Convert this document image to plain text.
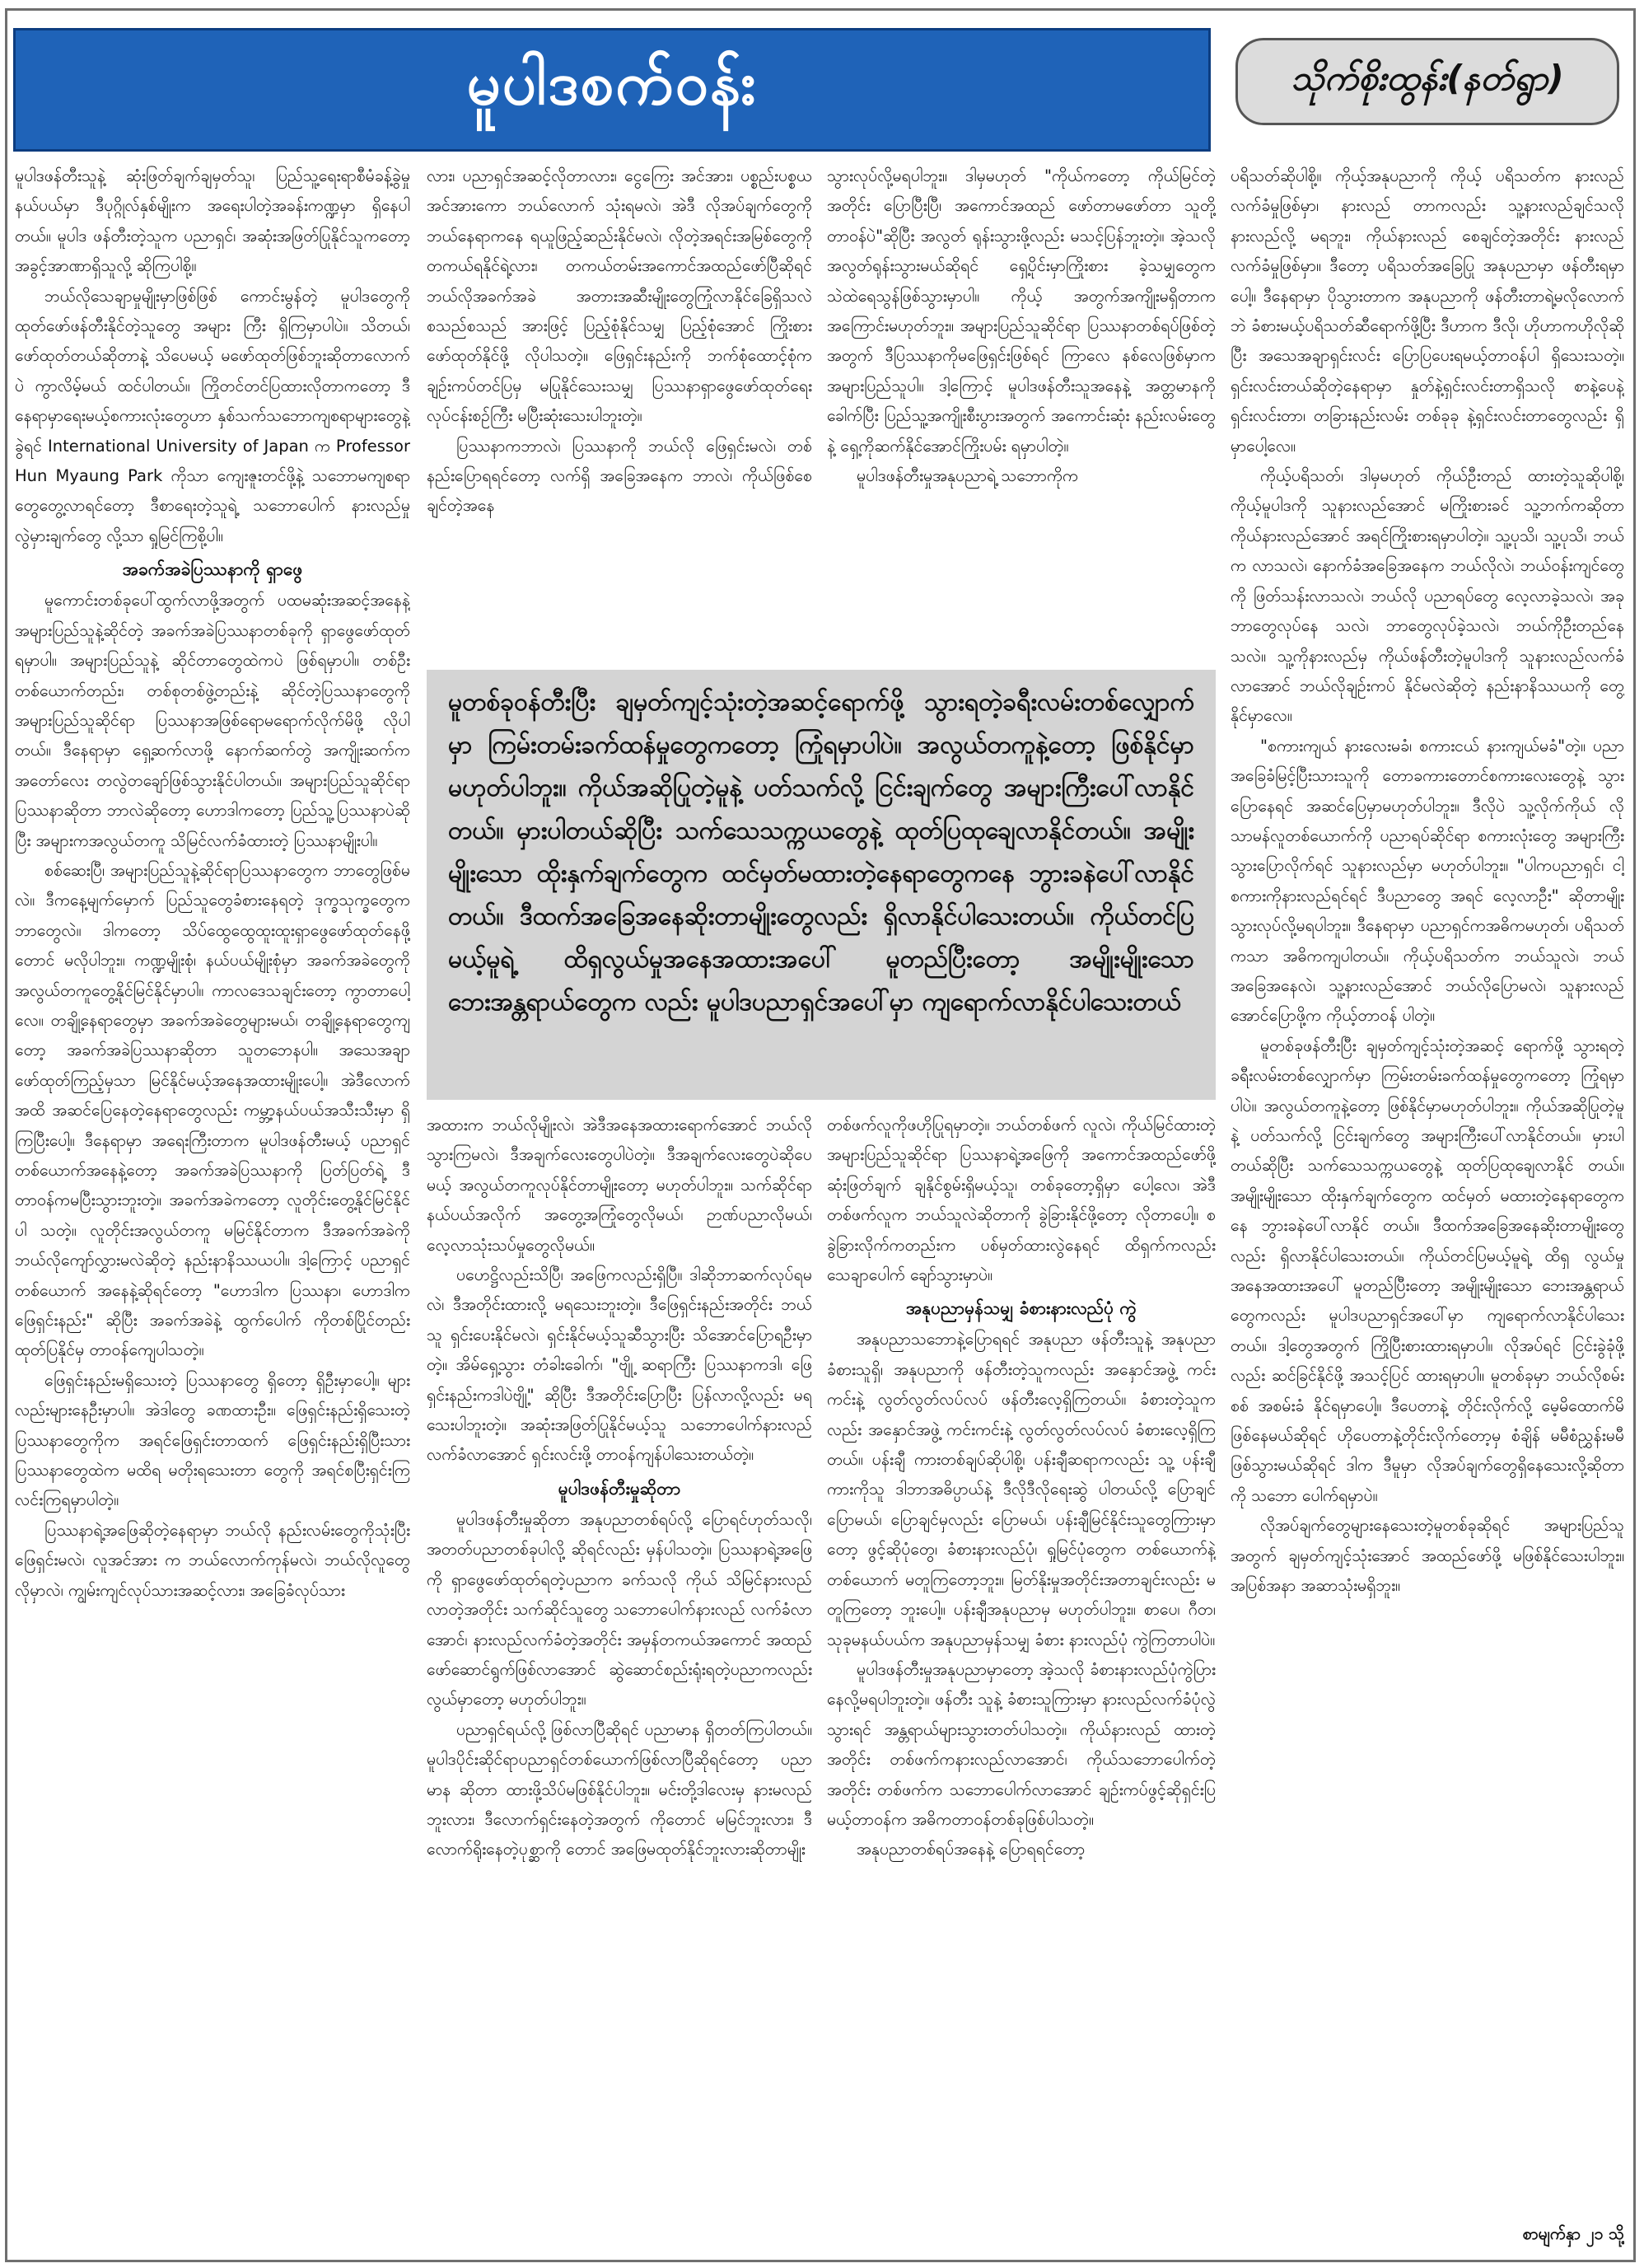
မူပါဒစက်ဝန်း	သိုက်စိုးထွန်း(နတ်ရွာ)

မူပါဒဖန်တီးသူနဲ့ ဆုံးဖြတ်ချက်ချမှတ်သူ၊ ပြည်သူ့ရေးရာစီမံခန့်ခွဲမှုနယ်ပယ်မှာ ဒီပုဂ္ဂိုလ်နှစ်မျိုးက အရေးပါတဲ့အခန်းကဏ္ဍမှာ ရှိနေပါတယ်။ မူပါဒ ဖန်တီးတဲ့သူက ပညာရှင်၊ အဆုံးအဖြတ်ပြုနိုင်သူကတော့ အခွင့်အာဏာရှိသူလို့ ဆိုကြပါစို့။

ဘယ်လိုသေချာမှုမျိုးမှာဖြစ်ဖြစ် ကောင်းမွန်တဲ့ မူပါဒတွေကို ထုတ်ဖော်ဖန်တီးနိုင်တဲ့သူတွေ အများ ကြီး ရှိကြမှာပါပဲ။ သိတယ်၊ ဖော်ထုတ်တယ်ဆိုတာနဲ့ သိပေမယ့် မဖော်ထုတ်ဖြစ်ဘူးဆိုတာလောက်ပဲ ကွာလိမ့်မယ် ထင်ပါတယ်။ ကြိုတင်တင်ပြထားလိုတာကတော့ ဒီနေရာမှာရေးမယ့်စကားလုံးတွေဟာ နှစ်သက်သဘောကျစရာများတွေနဲ့ခွဲရင် International University of Japan က Professor Hun Myaung Park ကိုသာ ကျေးဇူးတင်ဖို့နဲ့ သဘောမကျစရာတွေတွေ့လာရင်တော့ ဒီစာရေးတဲ့သူရဲ့ သဘောပေါက် နားလည်မှုလွဲမှားချက်တွေ လို့သာ ရှုမြင်ကြစို့ပါ။

အခက်အခဲပြဿနာကို ရှာဖွေ

မူကောင်းတစ်ခုပေါ်ထွက်လာဖို့အတွက် ပထမဆုံးအဆင့်အနေနဲ့ အများပြည်သူနဲ့ဆိုင်တဲ့ အခက်အခဲပြဿနာတစ်ခုကို ရှာဖွေဖော်ထုတ်ရမှာပါ။ အများပြည်သူနဲ့ ဆိုင်တာတွေထဲကပဲ ဖြစ်ရမှာပါ။ တစ်ဦးတစ်ယောက်တည်း၊ တစ်စုတစ်ဖွဲ့တည်းနဲ့ ဆိုင်တဲ့ပြဿနာတွေကို အများပြည်သူဆိုင်ရာ ပြဿနာအဖြစ်ရောမရောက်လိုက်မိဖို့ လိုပါတယ်။ ဒီနေရာမှာ ရှေ့ဆက်လာဖို့ နောက်ဆက်တွဲ အကျိုးဆက်က အတော်လေး တလွဲတချော်ဖြစ်သွားနိုင်ပါတယ်။ အများပြည်သူဆိုင်ရာပြဿနာဆိုတာ ဘာလဲဆိုတော့ ဟောဒါကတော့ ပြည်သူ့ပြဿနာပဲဆိုပြီး အများကအလွယ်တကူ သိမြင်လက်ခံထားတဲ့ ပြဿနာမျိုးပါ။

စစ်ဆေးပြီ၊ အများပြည်သူနဲ့ဆိုင်ရာပြဿနာတွေက ဘာတွေဖြစ်မလဲ။ ဒီကနေ့မျက်မှောက် ပြည်သူတွေခံစားနေရတဲ့ ဒုက္ခသုက္ခတွေက ဘာတွေလဲ။ ဒါကတော့ သိပ်ထွေထွေထူးထူးရှာဖွေဖော်ထုတ်နေဖို့တောင် မလိုပါဘူး။ ကဏ္ဍမျိုးစုံ၊ နယ်ပယ်မျိုးစုံမှာ အခက်အခဲတွေကို အလွယ်တကူတွေ့နိုင်မြင်နိုင်မှာပါ။ ကာလဒေသချင်းတော့ ကွာတာပေါ့လေ။ တချို့နေရာတွေမှာ အခက်အခဲတွေများမယ်၊ တချို့နေရာတွေကျတော့ အခက်အခဲပြဿနာဆိုတာ သူတဘေနပါ။ အသေအချာ ဖော်ထုတ်ကြည့်မှသာ မြင်နိုင်မယ့်အနေအထားမျိုးပေါ့။ အဲဒီလောက်အထိ အဆင်ပြေနေတဲ့နေရာတွေလည်း ကမ္ဘာ့နယ်ပယ်အသီးသီးမှာ ရှိကြပြီးပေါ့။ ဒီနေရာမှာ အရေးကြီးတာက မူပါဒဖန်တီးမယ့် ပညာရှင်တစ်ယောက်အနေနဲ့တော့ အခက်အခဲပြဿနာကို ပြတ်ပြတ်ရဲ့ ဒီတာဝန်ကမပြီးသွားဘူးတဲ့။ အခက်အခဲကတော့ လူတိုင်းတွေ့နိုင်မြင်နိုင်ပါ သတဲ့။ လူတိုင်းအလွယ်တကူ မမြင်နိုင်တာက ဒီအခက်အခဲကို ဘယ်လိုကျော်လွှားမလဲဆိုတဲ့ နည်းနာနိဿယပါ။ ဒါ့ကြောင့် ပညာရှင်တစ်ယောက် အနေနဲ့ဆိုရင်တော့ "ဟောဒါက ပြဿနာ၊ ဟောဒါက ဖြေရှင်းနည်း" ဆိုပြီး အခက်အခဲနဲ့ ထွက်ပေါက် ကိုတစ်ပြိုင်တည်းထုတ်ပြနိုင်မှ တာဝန်ကျေပါသတဲ့။

ဖြေရှင်းနည်းမရှိသေးတဲ့ ပြဿနာတွေ ရှိတော့ ရှိဦးမှာပေါ့။ များလည်းများနေဦးမှာပါ။ အဲဒါတွေ ခဏထားဦး။ ဖြေရှင်းနည်းရှိသေးတဲ့ ပြဿနာတွေကိုက အရင်ဖြေရှင်းတာထက် ဖြေရှင်းနည်းရှိပြီးသားပြဿနာတွေထဲက မထိရ မတိုးရသေးတာ တွေကို အရင်စပြီးရှင်းကြလင်းကြရမှာပါတဲ့။

ပြဿနာရဲ့အဖြေဆိုတဲ့နေရာမှာ ဘယ်လို နည်းလမ်းတွေကိုသုံးပြီး ဖြေရှင်းမလဲ၊ လူအင်အား က ဘယ်လောက်ကုန်မလဲ၊ ဘယ်လိုလူတွေလိုမှာလဲ၊ ကျွမ်းကျင်လုပ်သားအဆင့်လား၊ အခြေခံလုပ်သား

လား၊ ပညာရှင်အဆင့်လိုတာလား၊ ငွေကြေး အင်အား၊ ပစ္စည်းပစ္စယအင်အားကော ဘယ်လောက် သုံးရမလဲ၊ အဲဒီ လိုအပ်ချက်တွေကို ဘယ်နေရာကနေ ရယူဖြည့်ဆည်းနိုင်မလဲ၊ လိုတဲ့အရင်းအမြစ်တွေကို တကယ်ရနိုင်ရဲ့လား၊ တကယ်တမ်းအကောင်အထည်ဖော်ပြီဆိုရင် ဘယ်လိုအခက်အခဲ အတားအဆီးမျိုးတွေကြုံလာနိုင်ခြေရှိသလဲ စသည်စသည် အားဖြင့် ပြည့်စုံနိုင်သမျှ ပြည့်စုံအောင် ကြိုးစားဖော်ထုတ်နိုင်ဖို့ လိုပါသတဲ့။ ဖြေရှင်းနည်းကို ဘက်စုံထောင့်စုံက ချဉ်းကပ်တင်ပြမှ မပြုနိုင်သေးသမျှ ပြဿနာရှာဖွေဖော်ထုတ်ရေးလုပ်ငန်းစဉ်ကြီး မပြီးဆုံးသေးပါဘူးတဲ့။

ပြဿနာကဘာလဲ၊ ပြဿနာကို ဘယ်လို ဖြေရှင်းမလဲ၊ တစ်နည်းပြောရရင်တော့ လက်ရှိ အခြေအနေက ဘာလဲ၊ ကိုယ်ဖြစ်စေချင်တဲ့အနေ

သွားလုပ်လို့မရပါဘူး။ ဒါမှမဟုတ် "ကိုယ်ကတော့ ကိုယ်မြင်တဲ့အတိုင်း ပြောပြီးပြီ၊ အကောင်အထည် ဖော်တာမဖော်တာ သူတို့တာဝန်ပဲ"ဆိုပြီး အလွတ် ရုန်းသွားဖို့လည်း မသင့်ပြန်ဘူးတဲ့။ အဲ့သလို အလွတ်ရုန်းသွားမယ်ဆိုရင် ရှေ့ပိုင်းမှာကြိုးစား ခဲ့သမျှတွေက သဲထဲရေသွန်ဖြစ်သွားမှာပါ။ ကိုယ့် အတွက်အကျိုးမရှိတာက အကြောင်းမဟုတ်ဘူး။ အများပြည်သူဆိုင်ရာ ပြဿနာတစ်ရပ်ဖြစ်တဲ့ အတွက် ဒီပြဿနာကိုမဖြေရှင်းဖြစ်ရင် ကြာလေ နစ်လေဖြစ်မှာက အများပြည်သူပါ။ ဒါ့ကြောင့် မူပါဒဖန်တီးသူအနေနဲ့ အတ္တမာနကို ခေါက်ပြီး ပြည်သူ့အကျိုးစီးပွားအတွက် အကောင်းဆုံး နည်းလမ်းတွေနဲ့ ရှေ့ကိုဆက်နိုင်အောင်ကြိုးပမ်း ရမှာပါတဲ့။

မူပါဒဖန်တီးမှုအနုပညာရဲ့ သဘောကိုက

မူတစ်ခုဝန်တီးပြီး ချမှတ်ကျင့်သုံးတဲ့အဆင့်ရောက်ဖို့ သွားရတဲ့ခရီးလမ်းတစ်လျှောက်မှာ ကြမ်းတမ်းခက်ထန်မှုတွေကတော့ ကြုံရမှာပါပဲ။ အလွယ်တကူနဲ့တော့ ဖြစ်နိုင်မှာမဟုတ်ပါဘူး။ ကိုယ်အဆိုပြုတဲ့မူနဲ့ ပတ်သက်လို့ ငြင်းချက်တွေ အများကြီးပေါ်လာနိုင်တယ်။ မှားပါတယ်ဆိုပြီး သက်သေသက္ကယတွေနဲ့ ထုတ်ပြထုချေလာနိုင်တယ်။ အမျိုးမျိုးသော ထိုးနှက်ချက်တွေက ထင်မှတ်မထားတဲ့နေရာတွေကနေ ဘွားခနဲပေါ်လာနိုင်တယ်။ ဒီထက်အခြေအနေဆိုးတာမျိုးတွေလည်း ရှိလာနိုင်ပါသေးတယ်။ ကိုယ်တင်ပြမယ့်မူရဲ့ ထိရှလွယ်မှုအနေအထားအပေါ် မူတည်ပြီးတော့ အမျိုးမျိုးသော ဘေးအန္တရာယ်တွေက လည်း မူပါဒပညာရှင်အပေါ်မှာ ကျရောက်လာနိုင်ပါသေးတယ်

အထားက ဘယ်လိုမျိုးလဲ၊ အဲဒီအနေအထားရောက်အောင် ဘယ်လိုသွားကြမလဲ၊ ဒီအချက်လေးတွေပါပဲတဲ့။ ဒီအချက်လေးတွေပဲဆိုပေမယ့် အလွယ်တကူလုပ်နိုင်တာမျိုးတော့ မဟုတ်ပါဘူး။ သက်ဆိုင်ရာနယ်ပယ်အလိုက် အတွေ့အကြုံတွေလိုမယ်၊ ဉာဏ်ပညာလိုမယ်၊ လေ့လာသုံးသပ်မှုတွေလိုမယ်။

ပဟေဋ္ဌိလည်းသိပြီ၊ အဖြေကလည်းရှိပြီ။ ဒါဆိုဘာဆက်လုပ်ရမလဲ၊ ဒီအတိုင်းထားလို့ မရသေးဘူးတဲ့။ ဒီဖြေရှင်းနည်းအတိုင်း ဘယ်သူ ရှင်းပေးနိုင်မလဲ၊ ရှင်းနိုင်မယ့်သူဆီသွားပြီး သိအောင်ပြောရဦးမှာတဲ့။ အိမ်ရှေ့သွား တံခါးခေါက်၊ "ဗျို့ ဆရာကြီး ပြဿနာကဒါ၊ ဖြေရှင်းနည်းကဒါပဲဗျို့" ဆိုပြီး ဒီအတိုင်းပြောပြီး ပြန်လာလို့လည်း မရသေးပါဘူးတဲ့။ အဆုံးအဖြတ်ပြုနိုင်မယ့်သူ သဘောပေါက်နားလည် လက်ခံလာအောင် ရှင်းလင်းဖို့ တာဝန်ကျန်ပါသေးတယ်တဲ့။

မူပါဒဖန်တီးမှုဆိုတာ

မူပါဒဖန်တီးမှုဆိုတာ အနုပညာတစ်ရပ်လို့ ပြောရင်ဟုတ်သလို၊ အတတ်ပညာတစ်ခုပါလို့ ဆိုရင်လည်း မှန်ပါသတဲ့။ ပြဿနာရဲ့အဖြေကို ရှာဖွေဖော်ထုတ်ရတဲ့ပညာက ခက်သလို ကိုယ် သိမြင်နားလည်လာတဲ့အတိုင်း သက်ဆိုင်သူတွေ သဘောပေါက်နားလည် လက်ခံလာအောင်၊ နားလည်လက်ခံတဲ့အတိုင်း အမှန်တကယ်အကောင် အထည်ဖော်ဆောင်ရွက်ဖြစ်လာအောင် ဆွဲဆောင်စည်းရုံးရတဲ့ပညာကလည်း လွယ်မှာတော့ မဟုတ်ပါဘူး။

ပညာရှင်ရယ်လို့ ဖြစ်လာပြီဆိုရင် ပညာမာန ရှိတတ်ကြပါတယ်။ မူပါဒပိုင်းဆိုင်ရာပညာရှင်တစ်ယောက်ဖြစ်လာပြီဆိုရင်တော့ ပညာမာန ဆိုတာ ထားဖို့သိပ်မဖြစ်နိုင်ပါဘူး။ မင်းတို့ဒါလေးမှ နားမလည်ဘူးလား၊ ဒီလောက်ရှင်းနေတဲ့အတွက် ကိုတောင် မမြင်ဘူးလား၊ ဒီလောက်ရိုးနေတဲ့ပုစ္ဆာကို တောင် အဖြေမထုတ်နိုင်ဘူးလားဆိုတာမျိုး

တစ်ဖက်လူကိုဖဟိုပြုရမှာတဲ့။ ဘယ်တစ်ဖက် လူလဲ၊ ကိုယ်မြင်ထားတဲ့ အများပြည်သူဆိုင်ရာ ပြဿနာရဲ့အဖြေကို အကောင်အထည်ဖော်ဖို့ ဆုံးဖြတ်ချက် ချနိုင်စွမ်းရှိမယ့်သူ၊ တစ်ခုတော့ရှိမှာ ပေါ့လေ၊ အဲဒီတစ်ဖက်လူက ဘယ်သူလဲဆိုတာကို ခွဲခြားနိုင်ဖို့တော့ လိုတာပေါ့။ စခွဲခြားလိုက်ကတည်းက ပစ်မှတ်ထားလွဲနေရင် ထိရှက်ကလည်း သေချာပေါက် ချော်သွားမှာပဲ။

အနုပညာမှန်သမျှ ခံစားနားလည်ပုံ ကွဲ

အနုပညာသဘောနဲ့ပြောရရင် အနုပညာ ဖန်တီးသူနဲ့ အနုပညာခံစားသူရှိ၊ အနုပညာကို ဖန်တီးတဲ့သူကလည်း အနှောင်အဖွဲ့ ကင်းကင်းနဲ့ လွတ်လွတ်လပ်လပ် ဖန်တီးလေ့ရှိကြတယ်။ ခံစားတဲ့သူကလည်း အနှောင်အဖွဲ့ ကင်းကင်းနဲ့ လွတ်လွတ်လပ်လပ် ခံစားလေ့ရှိကြတယ်။ ပန်းချီ ကားတစ်ချပ်ဆိုပါစို့၊ ပန်းချီဆရာကလည်း သူ့ ပန်းချီကားကိုသူ ဒါဘာအဓိပ္ပာယ်နဲ့ ဒီလိုဒီလိုရေးဆွဲ ပါတယ်လို့ ပြောချင်ပြောမယ်၊ ပြောချင်မှလည်း ပြောမယ်၊ ပန်းချီမြင်နိုင်းသူတွေကြားမှာတော့ ဖွင့်ဆိုပုံတွေ၊ ခံစားနားလည်ပုံ၊ ရှုမြင်ပုံတွေက တစ်ယောက်နဲ့တစ်ယောက် မတူကြတော့ဘူး။ မြတ်နိုးမှုအတိုင်းအတာချင်းလည်း မတူကြတော့ ဘူးပေါ့။ ပန်းချီအနုပညာမှ မဟုတ်ပါဘူး။ စာပေ၊ ဂီတ၊ သုခုမနယ်ပယ်က အနုပညာမှန်သမျှ ခံစား နားလည်ပုံ ကွဲကြတာပါပဲ။

မူပါဒဖန်တီးမှုအနုပညာမှာတော့ အဲ့သလို ခံစားနားလည်ပုံကွဲပြားနေလို့မရပါဘူးတဲ့။ ဖန်တီး သူနဲ့ ခံစားသူကြားမှာ နားလည်လက်ခံပုံလွဲသွားရင် အန္တရာယ်များသွားတတ်ပါသတဲ့။ ကိုယ်နားလည် ထားတဲ့အတိုင်း တစ်ဖက်ကနားလည်လာအောင်၊ ကိုယ်သဘောပေါက်တဲ့အတိုင်း တစ်ဖက်က သဘောပေါက်လာအောင် ချဉ်းကပ်ဖွင့်ဆိုရှင်းပြ မယ့်တာဝန်က အဓိကတာဝန်တစ်ခုဖြစ်ပါသတဲ့။

အနုပညာတစ်ရပ်အနေနဲ့ ပြောရရင်တော့

ပရိသတ်ဆိုပါစို့။ ကိုယ့်အနုပညာကို ကိုယ့် ပရိသတ်က နားလည်လက်ခံမှုဖြစ်မှာ၊ နားလည် တာကလည်း သူ့နားလည်ချင်သလို နားလည်လို့ မရဘူး၊ ကိုယ်နားလည် စေချင်တဲ့အတိုင်း နားလည် လက်ခံမှုဖြစ်မှာ။ ဒီတော့ ပရိသတ်အခြေပြု အနုပညာမှာ ဖန်တီးရမှာပေါ့။ ဒီနေရာမှာ ပိုသွားတာက အနုပညာကို ဖန်တီးတာရဲ့မလိုလောက် ဘဲ ခံစားမယ့်ပရိသတ်ဆီရောက်ဖို့ပြီး ဒီဟာက ဒီလို၊ ဟိုဟာကဟိုလိုဆိုပြီး အသေအချာရှင်းလင်း ပြောပြပေးရမယ့်တာဝန်ပါ ရှိသေးသတဲ့။ ရှင်းလင်းတယ်ဆိုတဲ့နေရာမှာ နှုတ်နဲ့ရှင်းလင်းတာရှိသလို စာနဲ့ပေနဲ့ရှင်းလင်းတာ၊ တခြားနည်းလမ်း တစ်ခုခု နဲ့ရှင်းလင်းတာတွေလည်း ရှိမှာပေါ့လေ။

ကိုယ့်ပရိသတ်၊ ဒါမှမဟုတ် ကိုယ်ဦးတည် ထားတဲ့သူဆိုပါစို့၊ ကိုယ့်မူပါဒကို သူနားလည်အောင် မကြိုးစားခင် သူ့ဘက်ကဆိုတာ ကိုယ်နားလည်အောင် အရင်ကြိုးစားရမှာပါတဲ့။ သူ့ပုသိ၊ သူ့ပုသိ၊ ဘယ်က လာသလဲ၊ နောက်ခံအခြေအနေက ဘယ်လိုလဲ၊ ဘယ်ဝန်းကျင်တွေကို ဖြတ်သန်းလာသလဲ၊ ဘယ်လို ပညာရပ်တွေ လေ့လာခဲ့သလဲ၊ အခုဘာတွေလုပ်နေ သလဲ၊ ဘာတွေလုပ်ခဲ့သလဲ၊ ဘယ်ကိုဦးတည်နေ သလဲ။ သူ့ကိုနားလည်မှ ကိုယ်ဖန်တီးတဲ့မူပါဒကို သူနားလည်လက်ခံလာအောင် ဘယ်လိုချဉ်းကပ် နိုင်မလဲဆိုတဲ့ နည်းနာနိဿယကို တွေ့နိုင်မှာလေ။

"စကားကျယ် နားလေးမခံ၊ စကားငယ် နားကျယ်မခံ"တဲ့။ ပညာအခြေခံမြင့်ပြီးသားသူကို တောခကားတောင်စကားလေးတွေနဲ့ သွားပြောနေရင် အဆင်ပြေမှာမဟုတ်ပါဘူး။ ဒီလိုပဲ သူ့လိုက်ကိုယ် လို သာမန်လူတစ်ယောက်ကို ပညာရပ်ဆိုင်ရာ စကားလုံးတွေ အများကြီးသွားပြောလိုက်ရင် သူနားလည်မှာ မဟုတ်ပါဘူး။ "ပါကပညာရှင်၊ ငါ့စကားကိုနားလည်ရင်ရင် ဒီပညာတွေ အရင် လေ့လာဦး" ဆိုတာမျိုး သွားလုပ်လို့မရပါဘူး။ ဒီနေရာမှာ ပညာရှင်ကအဓိကမဟုတ်၊ ပရိသတ် ကသာ အဓိကကျပါတယ်။ ကိုယ့်ပရိသတ်က ဘယ်သူလဲ၊ ဘယ်အခြေအနေလဲ၊ သူ့နားလည်အောင် ဘယ်လိုပြောမလဲ၊ သူနားလည်အောင်ပြောဖို့က ကိုယ့်တာဝန် ပါတဲ့။

မူတစ်ခုဖန်တီးပြီး ချမှတ်ကျင့်သုံးတဲ့အဆင့် ရောက်ဖို့ သွားရတဲ့ခရီးလမ်းတစ်လျှောက်မှာ ကြမ်းတမ်းခက်ထန်မှုတွေကတော့ ကြုံရမှာပါပဲ။ အလွယ်တကူနဲ့တော့ ဖြစ်နိုင်မှာမဟုတ်ပါဘူး။ ကိုယ်အဆိုပြုတဲ့မူနဲ့ ပတ်သက်လို့ ငြင်းချက်တွေ အများကြီးပေါ်လာနိုင်တယ်။ မှားပါတယ်ဆိုပြီး သက်သေသက္ကယတွေနဲ့ ထုတ်ပြထုချေလာနိုင် တယ်။ အမျိုးမျိုးသော ထိုးနှက်ချက်တွေက ထင်မှတ် မထားတဲ့နေရာတွေကနေ ဘွားခနဲပေါ်လာနိုင် တယ်။ ဒီထက်အခြေအနေဆိုးတာမျိုးတွေလည်း ရှိလာနိုင်ပါသေးတယ်။ ကိုယ်တင်ပြမယ့်မူရဲ့ ထိရှ လွယ်မှုအနေအထားအပေါ် မူတည်ပြီးတော့ အမျိုးမျိုးသော ဘေးအန္တရာယ်တွေကလည်း မူပါဒပညာရှင်အပေါ်မှာ ကျရောက်လာနိုင်ပါသေး တယ်။ ဒါ့တွေအတွက် ကြိုပြီးစားထားရမှာပါ။ လိုအပ်ရင် ငြင်းခွဲခုံဖို့လည်း ဆင်ခြင်နိုင်ဖို့ အသင့်ပြင် ထားရမှာပါ။ မူတစ်ခုမှာ ဘယ်လိုစမ်းစစ် အစမ်းခံ နိုင်ရမှာပေါ့။ ဒီပေတာနဲ့ တိုင်းလိုက်လို့ မေ့မိထောက်မိ ဖြစ်နေမယ်ဆိုရင် ဟိုပေတာနဲ့တိုင်းလိုက်တော့မှ စံချိန် မမီစံညွှန်းမမီ ဖြစ်သွားမယ်ဆိုရင် ဒါက ဒီမူမှာ လိုအပ်ချက်တွေရှိနေသေးလို့ဆိုတာကို သဘော ပေါက်ရမှာပဲ။

လိုအပ်ချက်တွေများနေသေးတဲ့မူတစ်ခုဆိုရင် အများပြည်သူအတွက် ချမှတ်ကျင့်သုံးအောင် အထည်ဖော်ဖို့ မဖြစ်နိုင်သေးပါဘူး။ အပြစ်အနာ အဆာသုံးမရှိဘူး။

စာမျက်နှာ ၂၁ သို့
